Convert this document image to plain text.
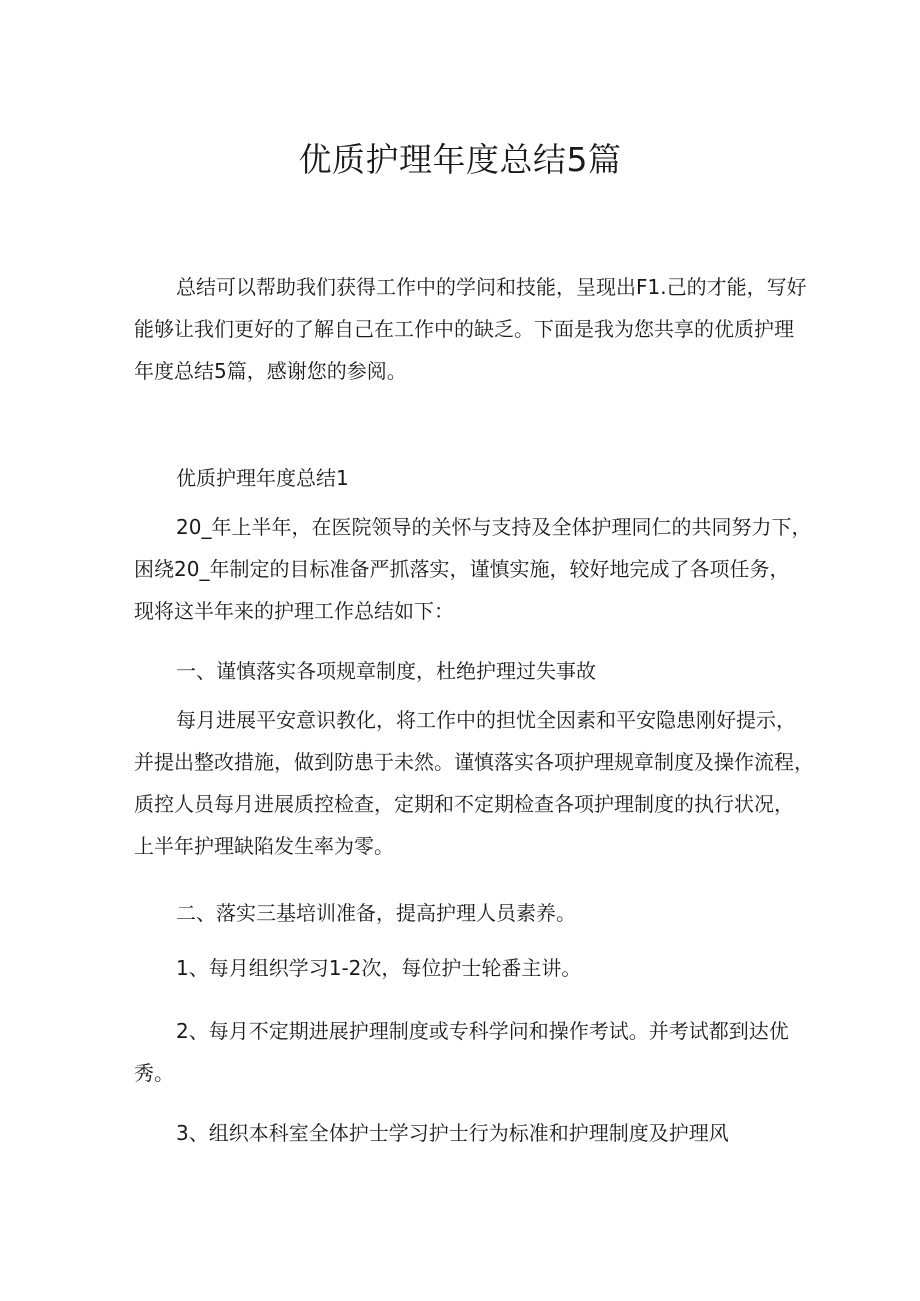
优质护理年度总结5篇
总结可以帮助我们获得工作中的学问和技能，呈现出F1.己的才能，写好
能够让我们更好的了解自己在工作中的缺乏。下面是我为您共享的优质护理
年度总结5篇，感谢您的参阅。
优质护理年度总结1
20_年上半年，在医院领导的关怀与支持及全体护理同仁的共同努力下，
困绕20_年制定的目标准备严抓落实，谨慎实施，较好地完成了各项任务，
现将这半年来的护理工作总结如下：
一、谨慎落实各项规章制度，杜绝护理过失事故
每月进展平安意识教化，将工作中的担忧全因素和平安隐患刚好提示，
并提出整改措施，做到防患于未然。谨慎落实各项护理规章制度及操作流程，
质控人员每月进展质控检查，定期和不定期检查各项护理制度的执行状况，
上半年护理缺陷发生率为零。
二、落实三基培训准备，提高护理人员素养。
1、每月组织学习1-2次，每位护士轮番主讲。
2、每月不定期进展护理制度或专科学问和操作考试。并考试都到达优
秀。
3、组织本科室全体护士学习护士行为标准和护理制度及护理风
